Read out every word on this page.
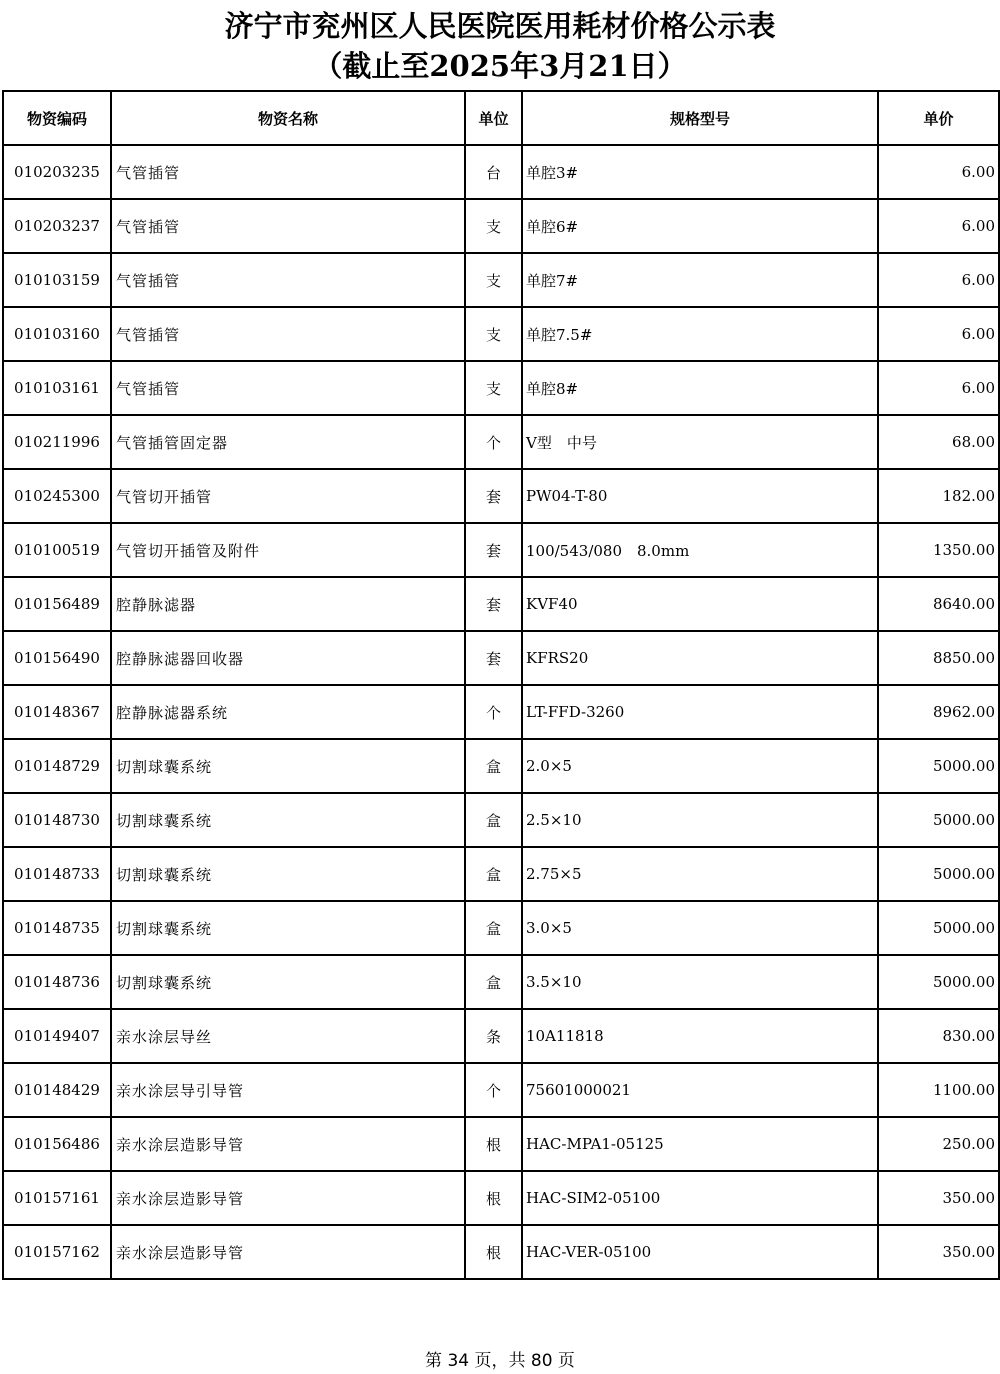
济宁市兖州区人民医院医用耗材价格公示表
（截止至2025年3月21日）
物资编码	物资名称	单位	规格型号	单价
010203235	气管插管	台	单腔3#	6.00
010203237	气管插管	支	单腔6#	6.00
010103159	气管插管	支	单腔7#	6.00
010103160	气管插管	支	单腔7.5#	6.00
010103161	气管插管	支	单腔8#	6.00
010211996	气管插管固定器	个	V型　中号	68.00
010245300	气管切开插管	套	PW04-T-80	182.00
010100519	气管切开插管及附件	套	100/543/080　8.0mm	1350.00
010156489	腔静脉滤器	套	KVF40	8640.00
010156490	腔静脉滤器回收器	套	KFRS20	8850.00
010148367	腔静脉滤器系统	个	LT-FFD-3260	8962.00
010148729	切割球囊系统	盒	2.0×5	5000.00
010148730	切割球囊系统	盒	2.5×10	5000.00
010148733	切割球囊系统	盒	2.75×5	5000.00
010148735	切割球囊系统	盒	3.0×5	5000.00
010148736	切割球囊系统	盒	3.5×10	5000.00
010149407	亲水涂层导丝	条	10A11818	830.00
010148429	亲水涂层导引导管	个	75601000021	1100.00
010156486	亲水涂层造影导管	根	HAC-MPA1-05125	250.00
010157161	亲水涂层造影导管	根	HAC-SIM2-05100	350.00
010157162	亲水涂层造影导管	根	HAC-VER-05100	350.00
第 34 页，共 80 页
